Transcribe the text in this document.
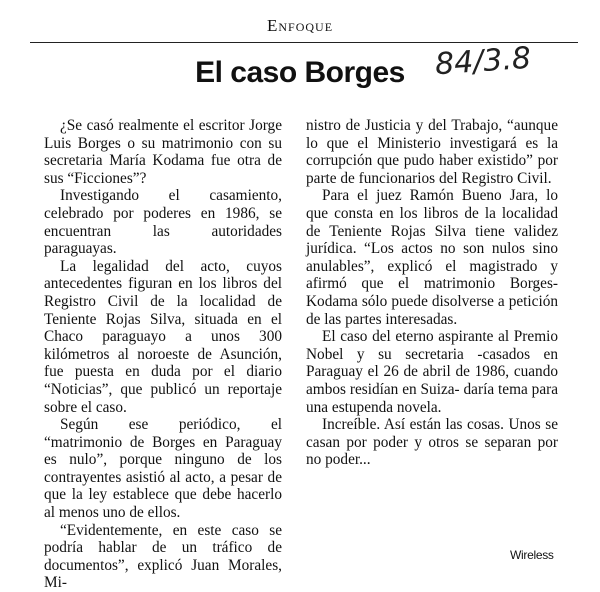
Enfoque
El caso Borges 84/3.8

¿Se casó realmente el escritor Jorge Luis Borges o su matrimonio con su secretaria María Kodama fue otra de sus “Ficciones”?

Investigando el casamiento, celebrado por poderes en 1986, se encuentran las autoridades paraguayas.

La legalidad del acto, cuyos antecedentes figuran en los libros del Registro Civil de la localidad de Teniente Rojas Silva, situada en el Chaco paraguayo a unos 300 kilómetros al noroeste de Asunción, fue puesta en duda por el diario “Noticias”, que publicó un reportaje sobre el caso.

Según ese periódico, el “matrimonio de Borges en Paraguay es nulo”, porque ninguno de los contrayentes asistió al acto, a pesar de que la ley establece que debe hacerlo al menos uno de ellos.

“Evidentemente, en este caso se podría hablar de un tráfico de documentos”, explicó Juan Morales, Mi-

nistro de Justicia y del Trabajo, “aunque lo que el Ministerio investigará es la corrupción que pudo haber existido” por parte de funcionarios del Registro Civil.

Para el juez Ramón Bueno Jara, lo que consta en los libros de la localidad de Teniente Rojas Silva tiene validez jurídica. “Los actos no son nulos sino anulables”, explicó el magistrado y afirmó que el matrimonio Borges-Kodama sólo puede disolverse a petición de las partes interesadas.

El caso del eterno aspirante al Premio Nobel y su secretaria -casados en Paraguay el 26 de abril de 1986, cuando ambos residían en Suiza- daría tema para una estupenda novela.

Increíble. Así están las cosas. Unos se casan por poder y otros se separan por no poder...

Wireless
